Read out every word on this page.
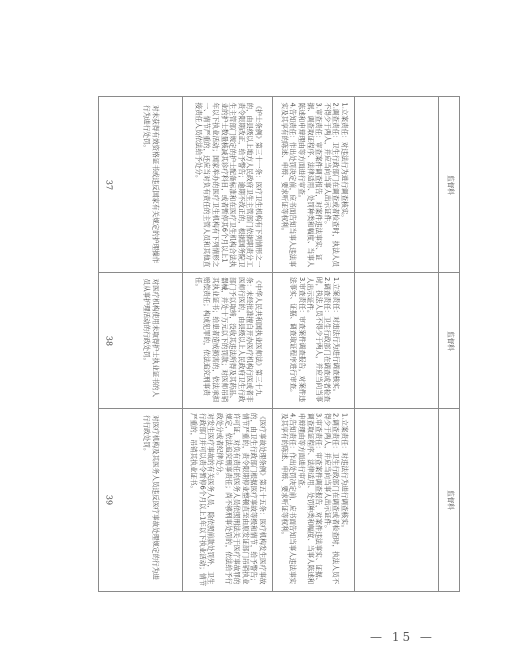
37	对未获得有效资格证书或违反国家有关规定的护理操作行为进行处罚。	《护士条例》第三十一条：医疗卫生机构有下列情形之一的，由县级以上地方人民政府卫生主管部门依据职责分工责令限期改正，给予警告；逾期不改正的，根据国务院卫生主管部门规定的护士配备标准和在医疗卫生机构合法执业的护士数量核减其诊疗科目，或者暂停其6个月以上1年以下执业活动；国家举办的医疗卫生机构有下列情形之一、情节严重的，还应当对负有责任的主管人员和其他直接责任人员依法给予处分。	1.立案责任：对违法行为进行调查核实。
2.调查责任：卫生行政部门在调查或者检查时，执法人员不得少于两人，并应当向当事人出示证件。
3.审查责任：审查案件调查报告，对案件违法事实、证据、调查取证程序、法律适用、处罚种类和幅度、当事人陈述和申辩理由等方面进行审查。
4.告知责任：作出处罚决定前，应书面告知当事人违法事实及其享有的陈述、申辩、要求听证等权利。	监督科
38	对医疗机构使用未取得护士执业证书的人员从事护理活动的行政处罚。	《中华人民共和国执业医师法》第三十九条：未经批准擅自开办医疗机构行医或者非医师行医的，由县级以上人民政府卫生行政部门予以取缔，没收其违法所得及其药品、器械，并处十万元以下的罚款；对医师吊销其执业证书；给患者造成损害的，依法承担赔偿责任；构成犯罪的，依法追究刑事责任。	1.立案责任：对违法行为进行调查核实。
2.调查责任：卫生行政部门在调查或者检查时，执法人员不得少于两人，并应当向当事人出示证件。
3.审查责任：审查案件调查报告，对案件违法事实、证据、调查取证程序进行审查。	监督科
39	对医疗机构及其医务人员违反医疗事故处理规定的行为进行行政处罚。	《医疗事故处理条例》第五十五条：医疗机构发生医疗事故的，由卫生行政部门根据医疗事故等级和情节，给予警告；情节严重的，责令限期停业整顿直至由原发证部门吊销执业许可证，对负有责任的医务人员依照刑法关于医疗事故罪的规定，依法追究刑事责任；尚不够刑事处罚的，依法给予行政处分或者纪律处分。
对发生医疗事故的有关医务人员，除依照前款处罚外，卫生行政部门并可以责令暂停6个月以上1年以下执业活动；情节严重的，吊销其执业证书。	1.立案责任：对违法行为进行调查核实。
2.调查责任：卫生行政部门在调查或者检查时，执法人员不得少于两人，并应当向当事人出示证件。
3.审查责任：审查案件调查报告，对案件违法事实、证据、调查取证程序、法律适用、处罚种类和幅度、当事人陈述和申辩理由等方面进行审查。
4.告知责任：作出处罚决定前，应书面告知当事人违法事实及其享有的陈述、申辩、要求听证等权利。	监督科
— 15 —
